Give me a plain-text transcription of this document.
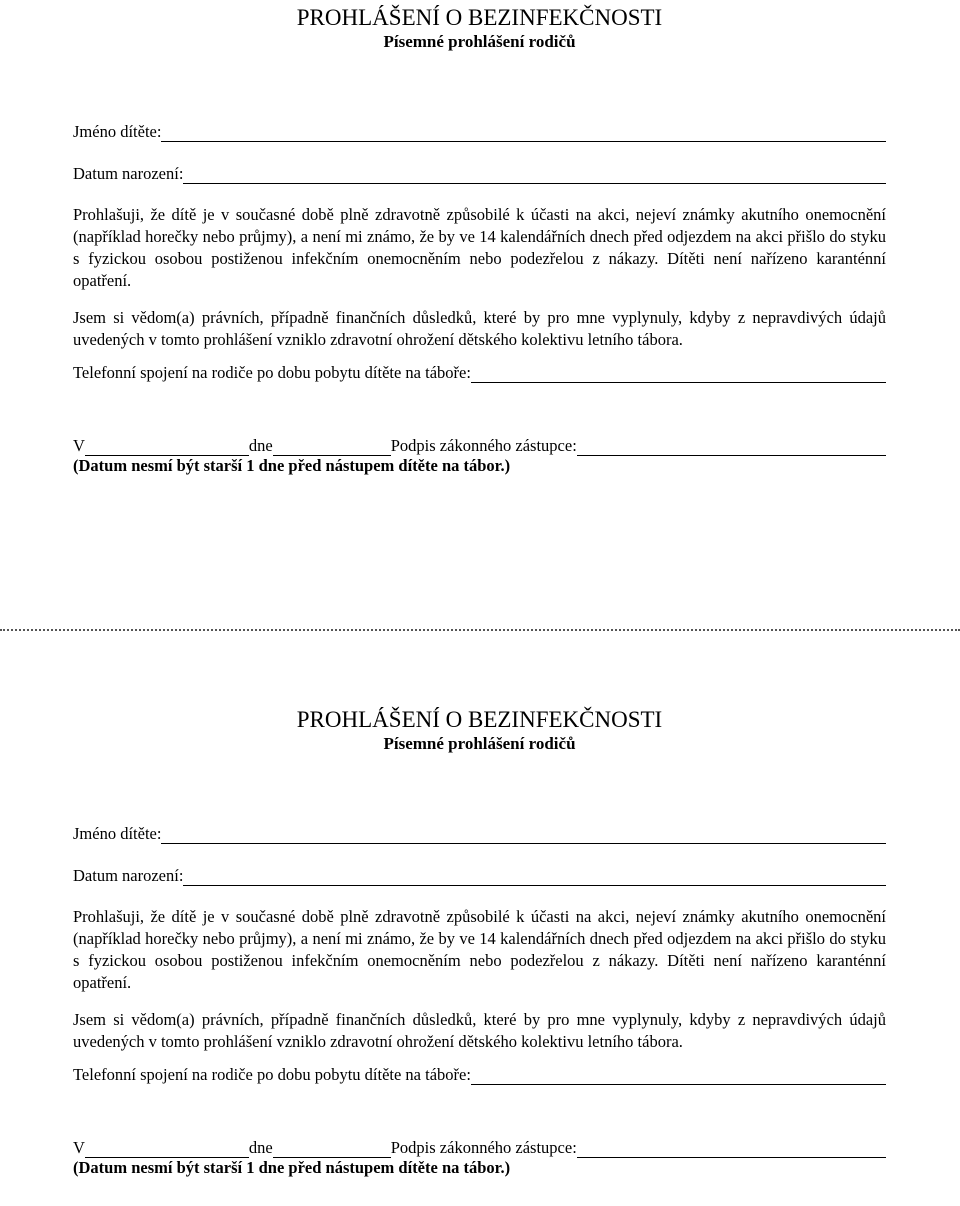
PROHLÁŠENÍ O BEZINFEKČNOSTI
Písemné prohlášení rodičů
Jméno dítěte:
Datum narození:

Prohlašuji, že dítě je v současné době plně zdravotně způsobilé k účasti na akci, nejeví známky akutního onemocnění (například horečky nebo průjmy), a není mi známo, že by ve 14 kalendářních dnech před odjezdem na akci přišlo do styku s fyzickou osobou postiženou infekčním onemocněním nebo podezřelou z nákazy. Dítěti není nařízeno karanténní opatření.

Jsem si vědom(a) právních, případně finančních důsledků, které by pro mne vyplynuly, kdyby z nepravdivých údajů uvedených v tomto prohlášení vzniklo zdravotní ohrožení dětského kolektivu letního tábora.

Telefonní spojení na rodiče po dobu pobytu dítěte na táboře:
V	dne	Podpis zákonného zástupce:
(Datum nesmí být starší 1 dne před nástupem dítěte na tábor.)
PROHLÁŠENÍ O BEZINFEKČNOSTI
Písemné prohlášení rodičů
Jméno dítěte:
Datum narození:

Prohlašuji, že dítě je v současné době plně zdravotně způsobilé k účasti na akci, nejeví známky akutního onemocnění (například horečky nebo průjmy), a není mi známo, že by ve 14 kalendářních dnech před odjezdem na akci přišlo do styku s fyzickou osobou postiženou infekčním onemocněním nebo podezřelou z nákazy. Dítěti není nařízeno karanténní opatření.

Jsem si vědom(a) právních, případně finančních důsledků, které by pro mne vyplynuly, kdyby z nepravdivých údajů uvedených v tomto prohlášení vzniklo zdravotní ohrožení dětského kolektivu letního tábora.

Telefonní spojení na rodiče po dobu pobytu dítěte na táboře:
V	dne	Podpis zákonného zástupce:
(Datum nesmí být starší 1 dne před nástupem dítěte na tábor.)
